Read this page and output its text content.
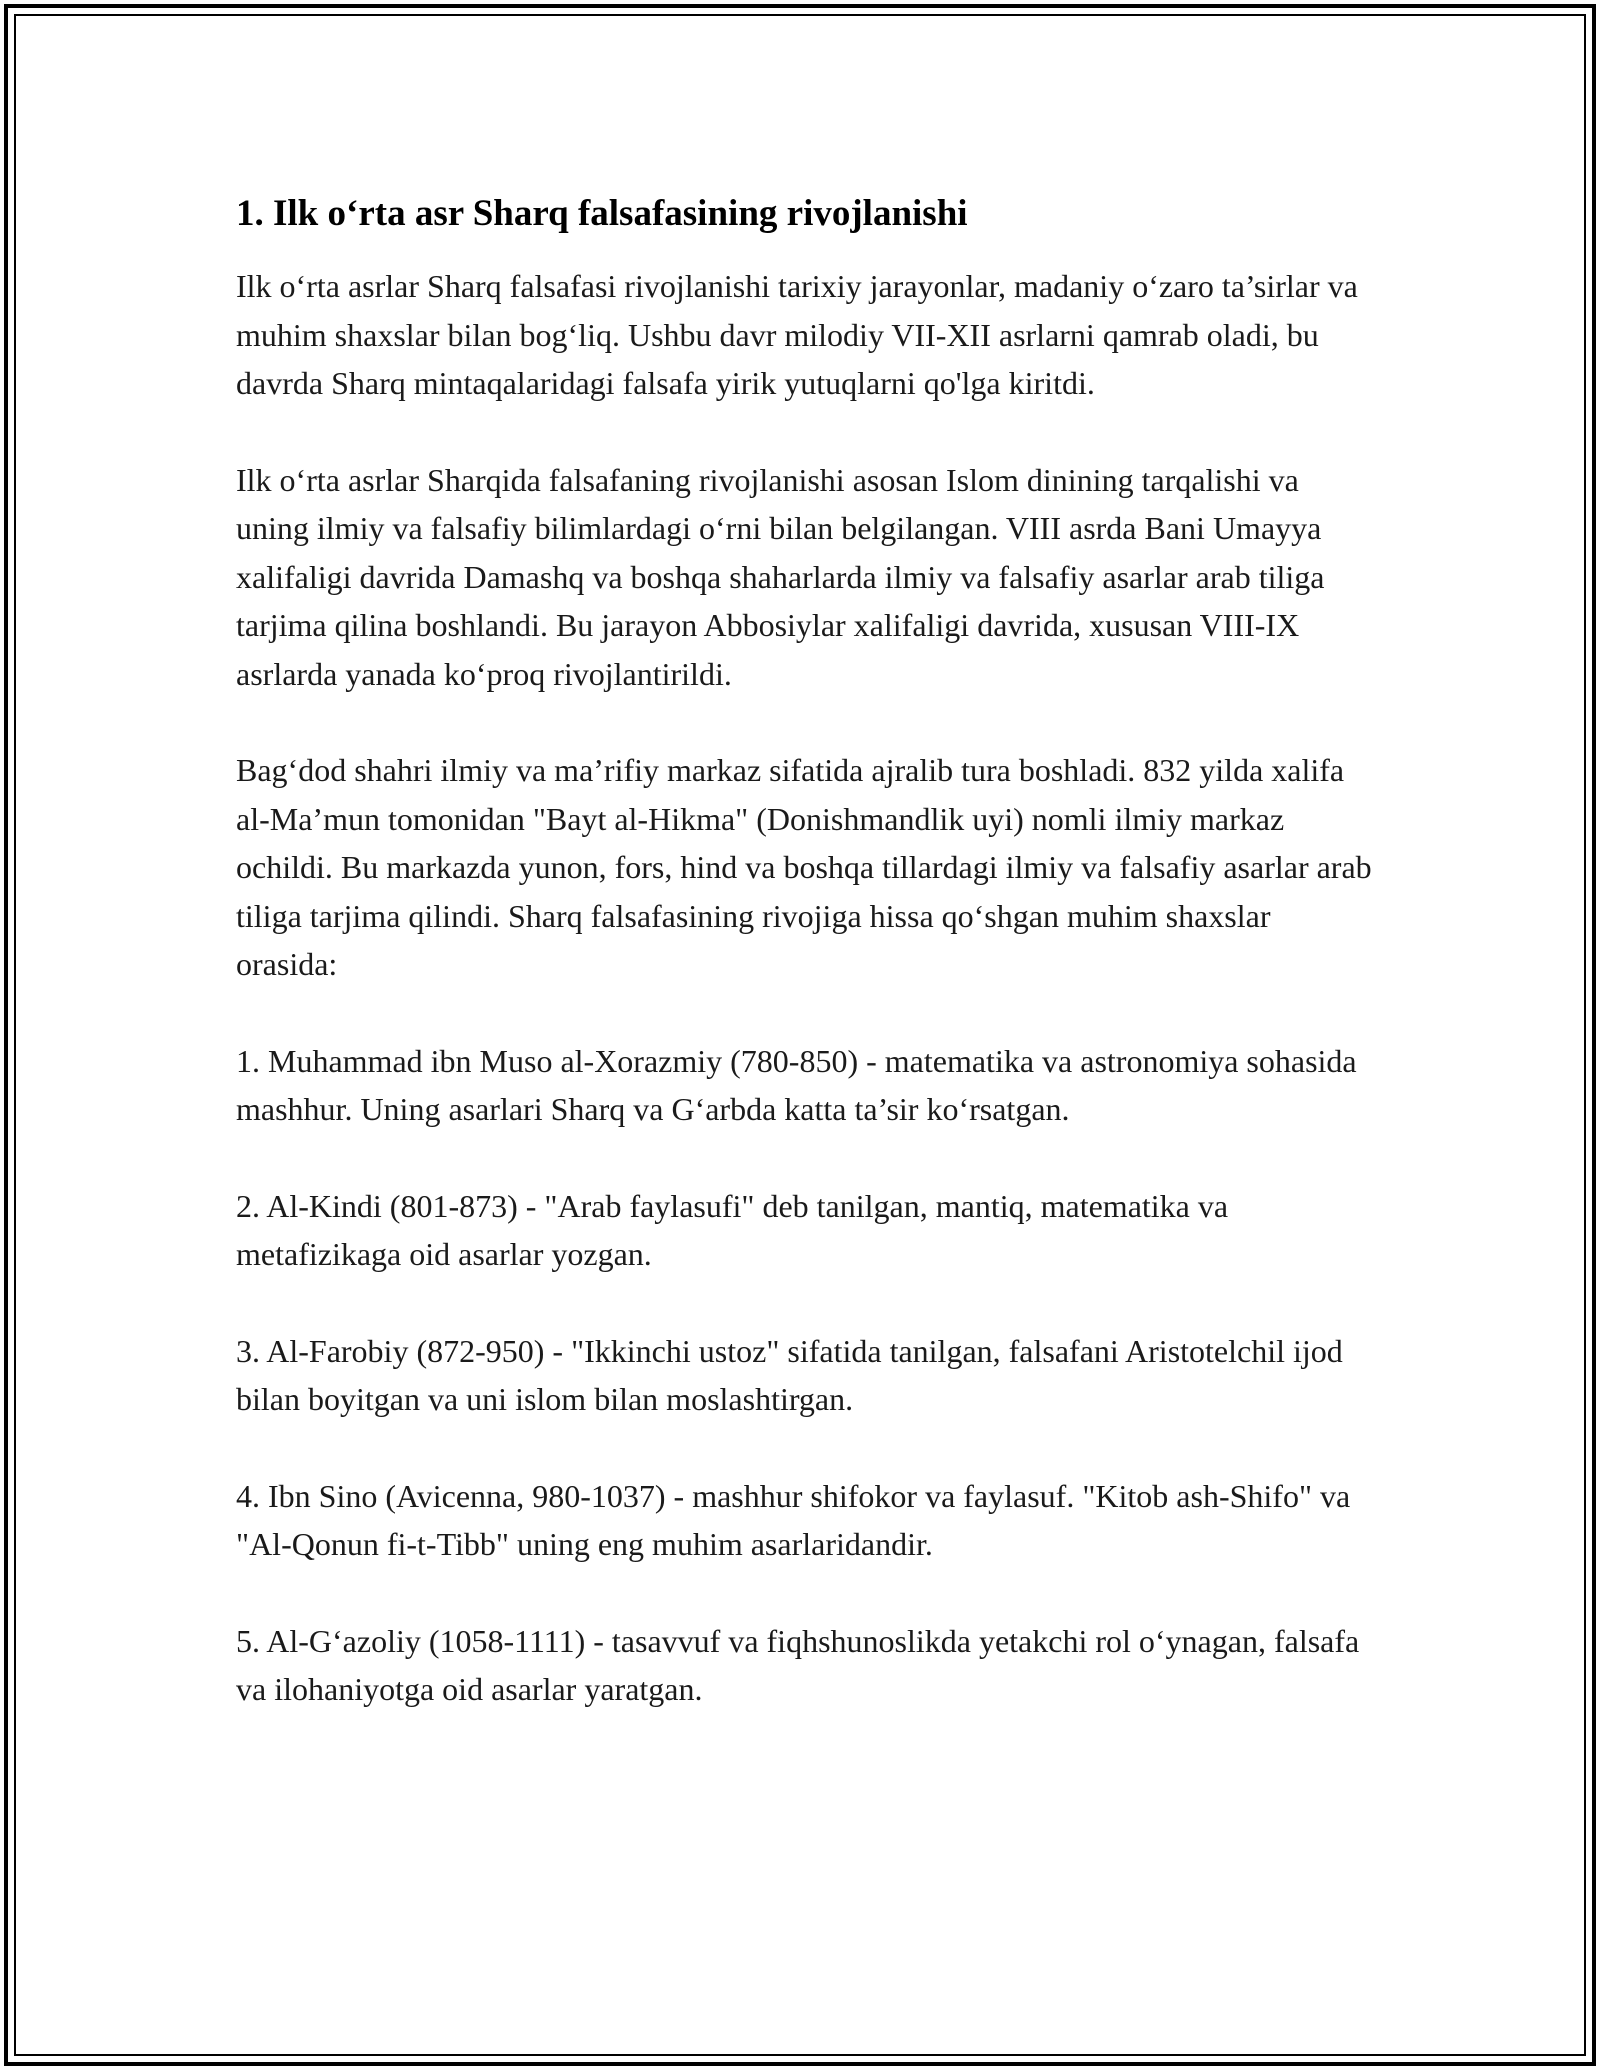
1. Ilk o‘rta asr Sharq falsafasining rivojlanishi

Ilk o‘rta asrlar Sharq falsafasi rivojlanishi tarixiy jarayonlar, madaniy o‘zaro ta’sirlar va muhim shaxslar bilan bog‘liq. Ushbu davr milodiy VII-XII asrlarni qamrab oladi, bu davrda Sharq mintaqalaridagi falsafa yirik yutuqlarni qo'lga kiritdi.

Ilk o‘rta asrlar Sharqida falsafaning rivojlanishi asosan Islom dinining tarqalishi va uning ilmiy va falsafiy bilimlardagi o‘rni bilan belgilangan. VIII asrda Bani Umayya xalifaligi davrida Damashq va boshqa shaharlarda ilmiy va falsafiy asarlar arab tiliga tarjima qilina boshlandi. Bu jarayon Abbosiylar xalifaligi davrida, xususan VIII-IX asrlarda yanada ko‘proq rivojlantirildi.

Bag‘dod shahri ilmiy va ma’rifiy markaz sifatida ajralib tura boshladi. 832 yilda xalifa al-Ma’mun tomonidan "Bayt al-Hikma" (Donishmandlik uyi) nomli ilmiy markaz ochildi. Bu markazda yunon, fors, hind va boshqa tillardagi ilmiy va falsafiy asarlar arab tiliga tarjima qilindi. Sharq falsafasining rivojiga hissa qo‘shgan muhim shaxslar orasida:

1. Muhammad ibn Muso al-Xorazmiy (780-850) - matematika va astronomiya sohasida mashhur. Uning asarlari Sharq va G‘arbda katta ta’sir ko‘rsatgan.

2. Al-Kindi (801-873) - "Arab faylasufi" deb tanilgan, mantiq, matematika va metafizikaga oid asarlar yozgan.

3. Al-Farobiy (872-950) - "Ikkinchi ustoz" sifatida tanilgan, falsafani Aristotelchil ijod bilan boyitgan va uni islom bilan moslashtirgan.

4. Ibn Sino (Avicenna, 980-1037) - mashhur shifokor va faylasuf. "Kitob ash-Shifo" va "Al-Qonun fi-t-Tibb" uning eng muhim asarlaridandir.

5. Al-G‘azoliy (1058-1111) - tasavvuf va fiqhshunoslikda yetakchi rol o‘ynagan, falsafa va ilohaniyotga oid asarlar yaratgan.
